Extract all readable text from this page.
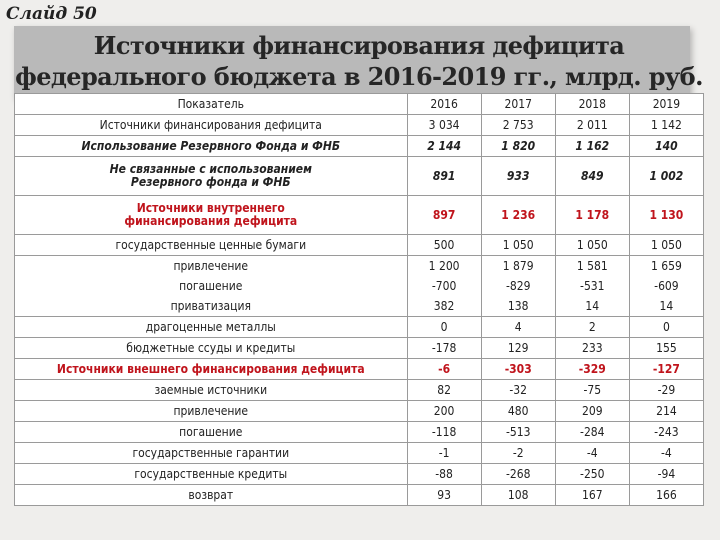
Слайд 50
Источники финансирования дефицита федерального бюджета в 2016-2019 гг., млрд. руб.
Показатель	2016	2017	2018	2019
Источники финансирования дефицита	3 034	2 753	2 011	1 142
Использование Резервного Фонда и ФНБ	2 144	1 820	1 162	140
Не связанные с использованием
Резервного фонда и ФНБ	891	933	849	1 002
Источники внутреннего
финансирования дефицита	897	1 236	1 178	1 130
государственные ценные бумаги	500	1 050	1 050	1 050
привлечение	1 200	1 879	1 581	1 659
погашение	-700	-829	-531	-609
приватизация	382	138	14	14
драгоценные металлы	0	4	2	0
бюджетные ссуды и кредиты	-178	129	233	155
Источники внешнего финансирования дефицита	-6	-303	-329	-127
заемные источники	82	-32	-75	-29
привлечение	200	480	209	214
погашение	-118	-513	-284	-243
государственные гарантии	-1	-2	-4	-4
государственные кредиты	-88	-268	-250	-94
возврат	93	108	167	166
